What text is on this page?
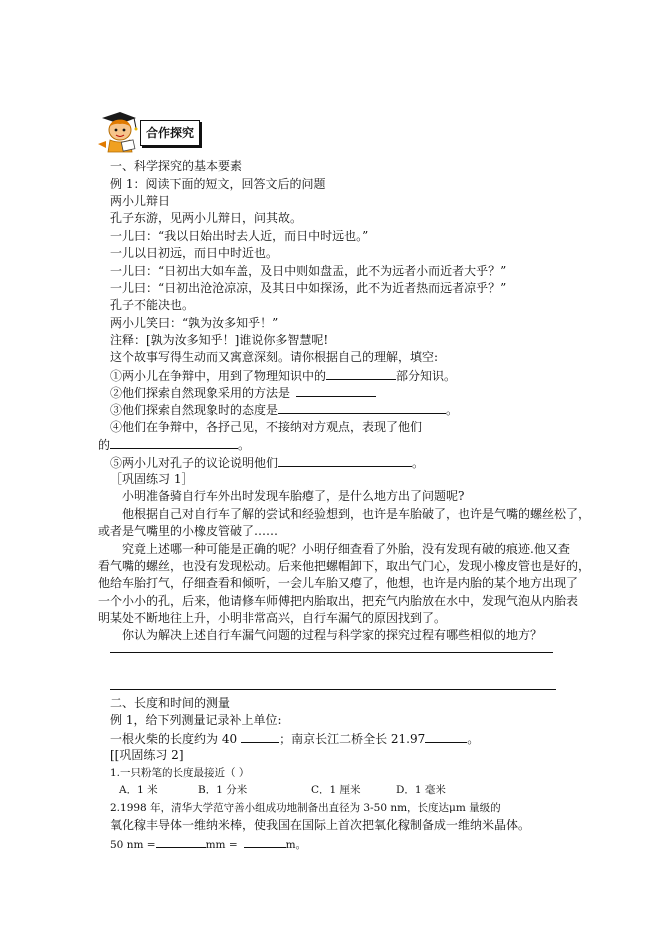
合作探究
一、科学探究的基本要素
例 1：阅读下面的短文，回答文后的问题
两小儿辩日
孔子东游，见两小儿辩日，问其故。
一儿曰：“我以日始出时去人近，而日中时远也。”
一儿以日初远，而日中时近也。
一儿曰：“日初出大如车盖，及日中则如盘盂，此不为远者小而近者大乎？”
一儿曰：“日初出沧沧凉凉，及其日中如探汤，此不为近者热而远者凉乎？”
孔子不能决也。
两小儿笑曰：“孰为汝多知乎！”
注释：[孰为汝多知乎！]谁说你多智慧呢!
这个故事写得生动而又寓意深刻。请你根据自己的理解，填空:
①两小儿在争辩中，用到了物理知识中的	部分知识。
②他们探索自然现象采用的方法是
③他们探索自然现象时的态度是	。
④他们在争辩中，各抒己见，不接纳对方观点，表现了他们
的	。
⑤两小儿对孔子的议论说明他们	。
［巩固练习 1］
小明准备骑自行车外出时发现车胎瘪了，是什么地方出了问题呢?
他根据自己对自行车了解的尝试和经验想到，也许是车胎破了，也许是气嘴的螺丝松了，
或者是气嘴里的小橡皮管破了……
究竟上述哪一种可能是正确的呢？小明仔细查看了外胎，没有发现有破的痕迹.他又查
看气嘴的螺丝，也没有发现松动。后来他把螺帽卸下，取出气门心，发现小橡皮管也是好的，
他给车胎打气，仔细查看和倾听，一会儿车胎又瘪了，他想，也许是内胎的某个地方出现了
一个小小的孔，后来，他请修车师傅把内胎取出，把充气内胎放在水中，发现气泡从内胎表
明某处不断地往上升，小明非常高兴，自行车漏气的原因找到了。
你认为解决上述自行车漏气问题的过程与科学家的探究过程有哪些相似的地方？
二、长度和时间的测量
例 1，给下列测量记录补上单位:
一根火柴的长度约为 40	；南京长江二桥全长 21.97	。
[[巩固练习 2]
1.一只粉笔的长度最接近（ ）
A．1 米	B．1 分米	C．1 厘米	D．1 毫米
2.1998 年，清华大学范守善小组成功地制备出直径为 3-50 nm，长度达μm 量级的
氧化稼丰导体一维纳米棒，使我国在国际上首次把氧化稼制备成一维纳米晶体。
50 nm =	mm =	m。
